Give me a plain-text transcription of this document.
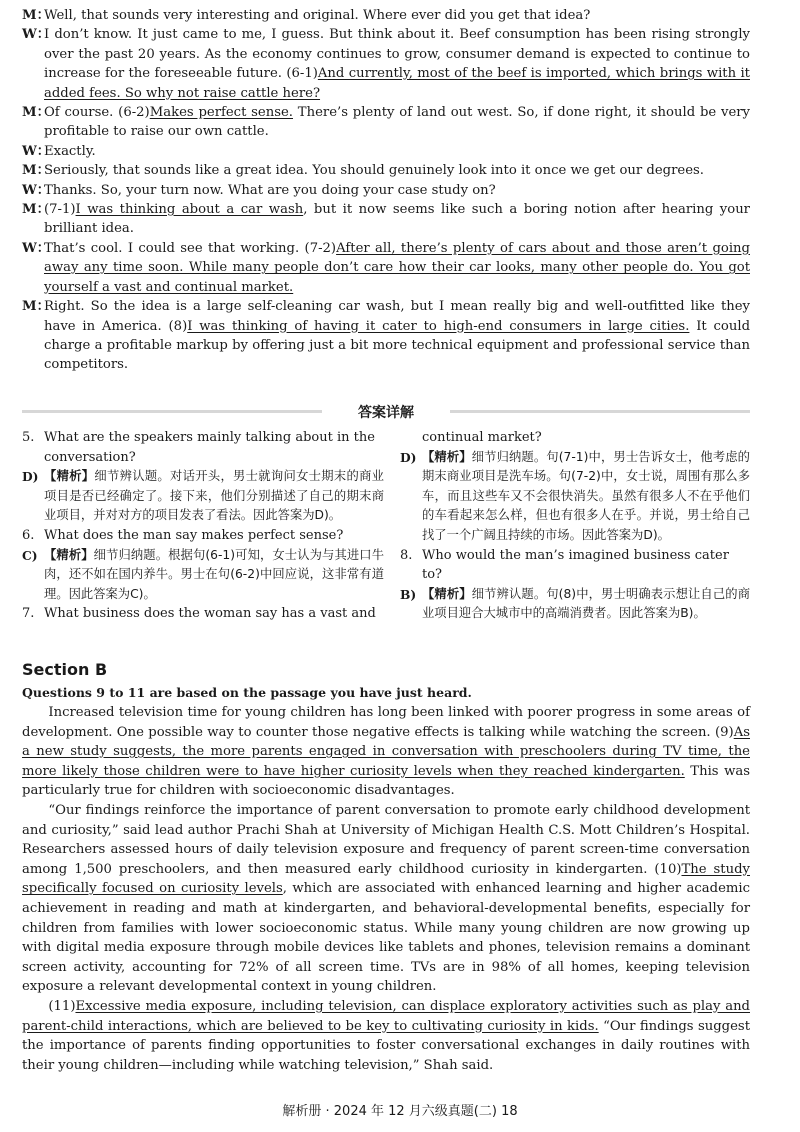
M：
Well, that sounds very interesting and original. Where ever did you get that idea?
W：
I don’t know. It just came to me, I guess. But think about it. Beef consumption has been rising strongly over the past 20 years. As the economy continues to grow, consumer demand is expected to continue to increase for the foreseeable future. (6-1)And currently, most of the beef is imported, which brings with it added fees. So why not raise cattle here?
M：
Of course. (6-2)Makes perfect sense. There’s plenty of land out west. So, if done right, it should be very profitable to raise our own cattle.
W：
Exactly.
M：
Seriously, that sounds like a great idea. You should genuinely look into it once we get our degrees.
W：
Thanks. So, your turn now. What are you doing your case study on?
M：
(7-1)I was thinking about a car wash, but it now seems like such a boring notion after hearing your brilliant idea.
W：
That’s cool. I could see that working. (7-2)After all, there’s plenty of cars about and those aren’t going away any time soon. While many people don’t care how their car looks, many other people do. You got yourself a vast and continual market.
M：
Right. So the idea is a large self-cleaning car wash, but I mean really big and well-outfitted like they have in America. (8)I was thinking of having it cater to high-end consumers in large cities. It could charge a profitable markup by offering just a bit more technical equipment and professional service than competitors.
答案详解
5. What are the speakers mainly talking about in the conversation?
D) 【精析】细节辨认题。对话开头，男士就询问女士期末的商业项目是否已经确定了。接下来，他们分别描述了自己的期末商业项目，并对对方的项目发表了看法。因此答案为D)。
6. What does the man say makes perfect sense?
C) 【精析】细节归纳题。根据句(6-1)可知，女士认为与其进口牛肉，还不如在国内养牛。男士在句(6-2)中回应说，这非常有道理。因此答案为C)。
7. What business does the woman say has a vast and
continual market?
D) 【精析】细节归纳题。句(7-1)中，男士告诉女士，他考虑的期末商业项目是洗车场。句(7-2)中，女士说，周围有那么多车，而且这些车又不会很快消失。虽然有很多人不在乎他们的车看起来怎么样，但也有很多人在乎。并说，男士给自己找了一个广阔且持续的市场。因此答案为D)。
8. Who would the man’s imagined business cater to?
B) 【精析】细节辨认题。句(8)中，男士明确表示想让自己的商业项目迎合大城市中的高端消费者。因此答案为B)。
Section B
Questions 9 to 11 are based on the passage you have just heard.

Increased television time for young children has long been linked with poorer progress in some areas of development. One possible way to counter those negative effects is talking while watching the screen. (9)As a new study suggests, the more parents engaged in conversation with preschoolers during TV time, the more likely those children were to have higher curiosity levels when they reached kindergarten. This was particularly true for children with socioeconomic disadvantages.

“Our findings reinforce the importance of parent conversation to promote early childhood development and curiosity,” said lead author Prachi Shah at University of Michigan Health C.S. Mott Children’s Hospital. Researchers assessed hours of daily television exposure and frequency of parent screen-time conversation among 1,500 preschoolers, and then measured early childhood curiosity in kindergarten. (10)The study specifically focused on curiosity levels, which are associated with enhanced learning and higher academic achievement in reading and math at kindergarten, and behavioral-developmental benefits, especially for children from families with lower socioeconomic status. While many young children are now growing up with digital media exposure through mobile devices like tablets and phones, television remains a dominant screen activity, accounting for 72% of all screen time. TVs are in 98% of all homes, keeping television exposure a relevant developmental context in young children.

(11)Excessive media exposure, including television, can displace exploratory activities such as play and parent-child interactions, which are believed to be key to cultivating curiosity in kids. “Our findings suggest the importance of parents finding opportunities to foster conversational exchanges in daily routines with their young children—including while watching television,” Shah said.

解析册 · 2024 年 12 月六级真题(二) 18
